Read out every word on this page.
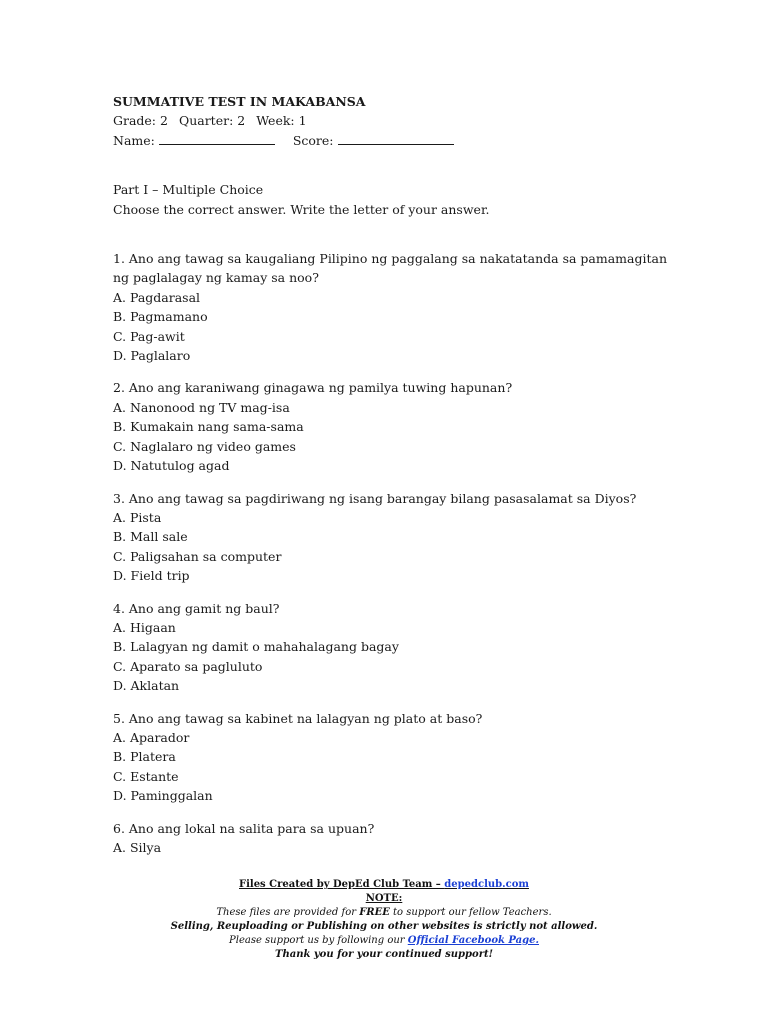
SUMMATIVE TEST IN MAKABANSA
Grade: 2 Quarter: 2 Week: 1
Name:	Score:
Part I – Multiple Choice
Choose the correct answer. Write the letter of your answer.
1. Ano ang tawag sa kaugaliang Pilipino ng paggalang sa nakatatanda sa pamamagitan ng paglalagay ng kamay sa noo?
A. Pagdarasal
B. Pagmamano
C. Pag-awit
D. Paglalaro
2. Ano ang karaniwang ginagawa ng pamilya tuwing hapunan?
A. Nanonood ng TV mag-isa
B. Kumakain nang sama-sama
C. Naglalaro ng video games
D. Natutulog agad
3. Ano ang tawag sa pagdiriwang ng isang barangay bilang pasasalamat sa Diyos?
A. Pista
B. Mall sale
C. Paligsahan sa computer
D. Field trip
4. Ano ang gamit ng baul?
A. Higaan
B. Lalagyan ng damit o mahahalagang bagay
C. Aparato sa pagluluto
D. Aklatan
5. Ano ang tawag sa kabinet na lalagyan ng plato at baso?
A. Aparador
B. Platera
C. Estante
D. Paminggalan
6. Ano ang lokal na salita para sa upuan?
A. Silya
Files Created by DepEd Club Team – depedclub.com
NOTE:
These files are provided for FREE to support our fellow Teachers.
Selling, Reuploading or Publishing on other websites is strictly not allowed.
Please support us by following our Official Facebook Page.
Thank you for your continued support!
